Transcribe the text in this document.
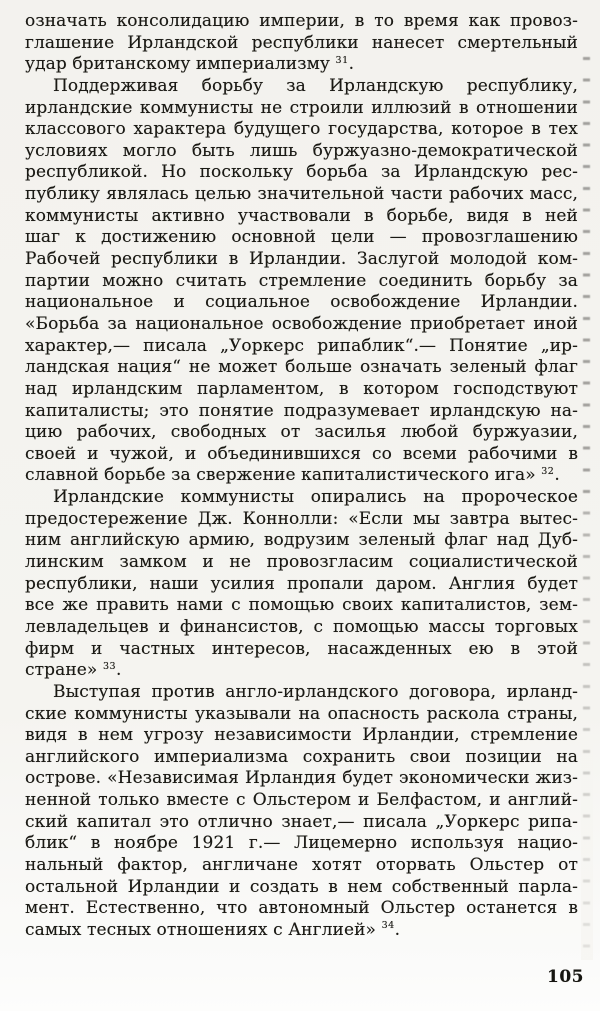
означать консолидацию империи, в то время как провоз-
глашение Ирландской республики нанесет смертельный
удар британскому империализму $^{31}$.
Поддерживая борьбу за Ирландскую республику,
ирландские коммунисты не строили иллюзий в отношении
классового характера будущего государства, которое в тех
условиях могло быть лишь буржуазно-демократической
республикой. Но поскольку борьба за Ирландскую рес-
публику являлась целью значительной части рабочих масс,
коммунисты активно участвовали в борьбе, видя в ней
шаг к достижению основной цели — провозглашению
Рабочей республики в Ирландии. Заслугой молодой ком-
партии можно считать стремление соединить борьбу за
национальное и социальное освобождение Ирландии.
«Борьба за национальное освобождение приобретает иной
характер,— писала „Уоркерс рипаблик“.— Понятие „ир-
ландская нация“ не может больше означать зеленый флаг
над ирландским парламентом, в котором господствуют
капиталисты; это понятие подразумевает ирландскую на-
цию рабочих, свободных от засилья любой буржуазии,
своей и чужой, и объединившихся со всеми рабочими в
славной борьбе за свержение капиталистического ига» $^{32}$.
Ирландские коммунисты опирались на пророческое
предостережение Дж. Коннолли: «Если мы завтра вытес-
ним английскую армию, водрузим зеленый флаг над Дуб-
линским замком и не провозгласим социалистической
республики, наши усилия пропали даром. Англия будет
все же править нами с помощью своих капиталистов, зем-
левладельцев и финансистов, с помощью массы торговых
фирм и частных интересов, насажденных ею в этой
стране» $^{33}$.
Выступая против англо-ирландского договора, ирланд-
ские коммунисты указывали на опасность раскола страны,
видя в нем угрозу независимости Ирландии, стремление
английского империализма сохранить свои позиции на
острове. «Независимая Ирландия будет экономически жиз-
ненной только вместе с Ольстером и Белфастом, и англий-
ский капитал это отлично знает,— писала „Уоркерс рипа-
блик“ в ноябре 1921 г.— Лицемерно используя нацио-
нальный фактор, англичане хотят оторвать Ольстер от
остальной Ирландии и создать в нем собственный парла-
мент. Естественно, что автономный Ольстер останется в
самых тесных отношениях с Англией» $^{34}$.
105
